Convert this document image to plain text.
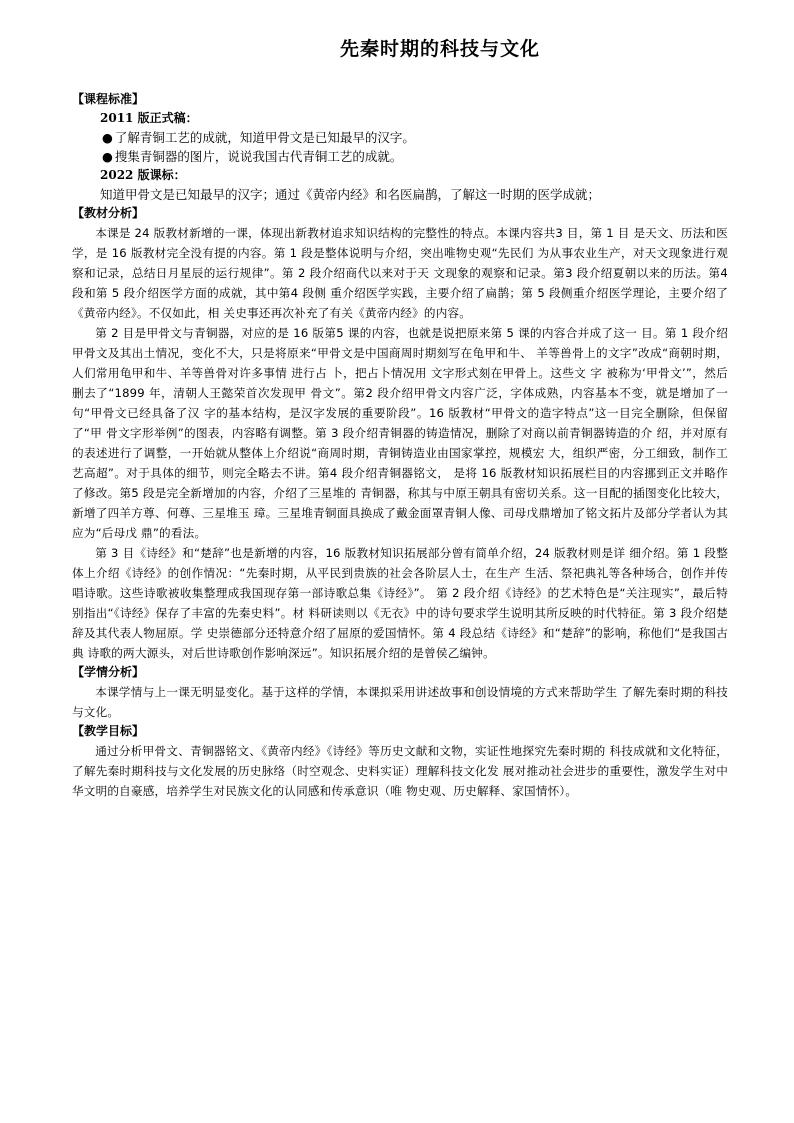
先秦时期的科技与文化

【课程标准】

2011 版正式稿：

● 了解青铜工艺的成就，知道甲骨文是已知最早的汉字。

● 搜集青铜器的图片，说说我国古代青铜工艺的成就。

2022 版课标：

知道甲骨文是已知最早的汉字；通过《黄帝内经》和名医扁鹊，了解这一时期的医学成就；

【教材分析】

本课是 24 版教材新增的一课，体现出新教材追求知识结构的完整性的特点。本课内容共3 目，第 1 目 是天文、历法和医学，是 16 版教材完全没有提的内容。第 1 段是整体说明与介绍，突出唯物史观“先民们 为从事农业生产，对天文现象进行观察和记录，总结日月星辰的运行规律”。第 2 段介绍商代以来对于天 文现象的观察和记录。第3 段介绍夏朝以来的历法。第4 段和第 5 段介绍医学方面的成就，其中第4 段侧 重介绍医学实践，主要介绍了扁鹊；第 5 段侧重介绍医学理论，主要介绍了《黄帝内经》。不仅如此，相 关史事还再次补充了有关《黄帝内经》的内容。

第 2 目是甲骨文与青铜器，对应的是 16 版第5 课的内容，也就是说把原来第 5 课的内容合并成了这一 目。第 1 段介绍甲骨文及其出土情况，变化不大，只是将原来“甲骨文是中国商周时期刻写在龟甲和牛、 羊等兽骨上的文字”改成“商朝时期，人们常用龟甲和牛、羊等兽骨对许多事情 进行占 卜，把占卜情况用 文字形式刻在甲骨上。这些文 字 被称为‘甲骨文’”，然后删去了“1899 年，清朝人王懿荣首次发现甲 骨文”。第2 段介绍甲骨文内容广泛，字体成熟，内容基本不变，就是增加了一句“甲骨文已经具备了汉 字的基本结构，是汉字发展的重要阶段”。16 版教材“甲骨文的造字特点”这一目完全删除，但保留了“甲 骨文字形举例”的图表，内容略有调整。第 3 段介绍青铜器的铸造情况，删除了对商以前青铜器铸造的介 绍，并对原有的表述进行了调整，一开始就从整体上介绍说“商周时期，青铜铸造业由国家掌控，规模宏 大，组织严密，分工细致，制作工艺高超”。对于具体的细节，则完全略去不讲。第4 段介绍青铜器铭文， 是将 16 版教材知识拓展栏目的内容挪到正文并略作了修改。第5 段是完全新增加的内容，介绍了三星堆的 青铜器，称其与中原王朝具有密切关系。这一目配的插图变化比较大，新增了四羊方尊、何尊、三星堆玉 璋。三星堆青铜面具换成了戴金面罩青铜人像、司母戊鼎增加了铭文拓片及部分学者认为其应为“后母戊 鼎”的看法。

第 3 目《诗经》和“楚辞”也是新增的内容，16 版教材知识拓展部分曾有简单介绍，24 版教材则是详 细介绍。第 1 段整体上介绍《诗经》的创作情况：“先秦时期，从平民到贵族的社会各阶层人士，在生产 生活、祭祀典礼等各种场合，创作并传唱诗歌。这些诗歌被收集整理成我国现存第一部诗歌总集《诗经》”。 第 2 段介绍《诗经》的艺术特色是“关注现实”，最后特别指出“《诗经》保存了丰富的先秦史料”。材 料研读则以《无衣》中的诗句要求学生说明其所反映的时代特征。第 3 段介绍楚辞及其代表人物屈原。学 史崇德部分还特意介绍了屈原的爱国情怀。第 4 段总结《诗经》和“楚辞”的影响，称他们“是我国古典 诗歌的两大源头，对后世诗歌创作影响深远”。知识拓展介绍的是曾侯乙编钟。

【学情分析】

本课学情与上一课无明显变化。基于这样的学情，本课拟采用讲述故事和创设情境的方式来帮助学生 了解先秦时期的科技与文化。

【教学目标】

通过分析甲骨文、青铜器铭文、《黄帝内经》《诗经》等历史文献和文物，实证性地探究先秦时期的 科技成就和文化特征，了解先秦时期科技与文化发展的历史脉络（时空观念、史料实证）理解科技文化发 展对推动社会进步的重要性，激发学生对中华文明的自豪感，培养学生对民族文化的认同感和传承意识（唯 物史观、历史解释、家国情怀）。
